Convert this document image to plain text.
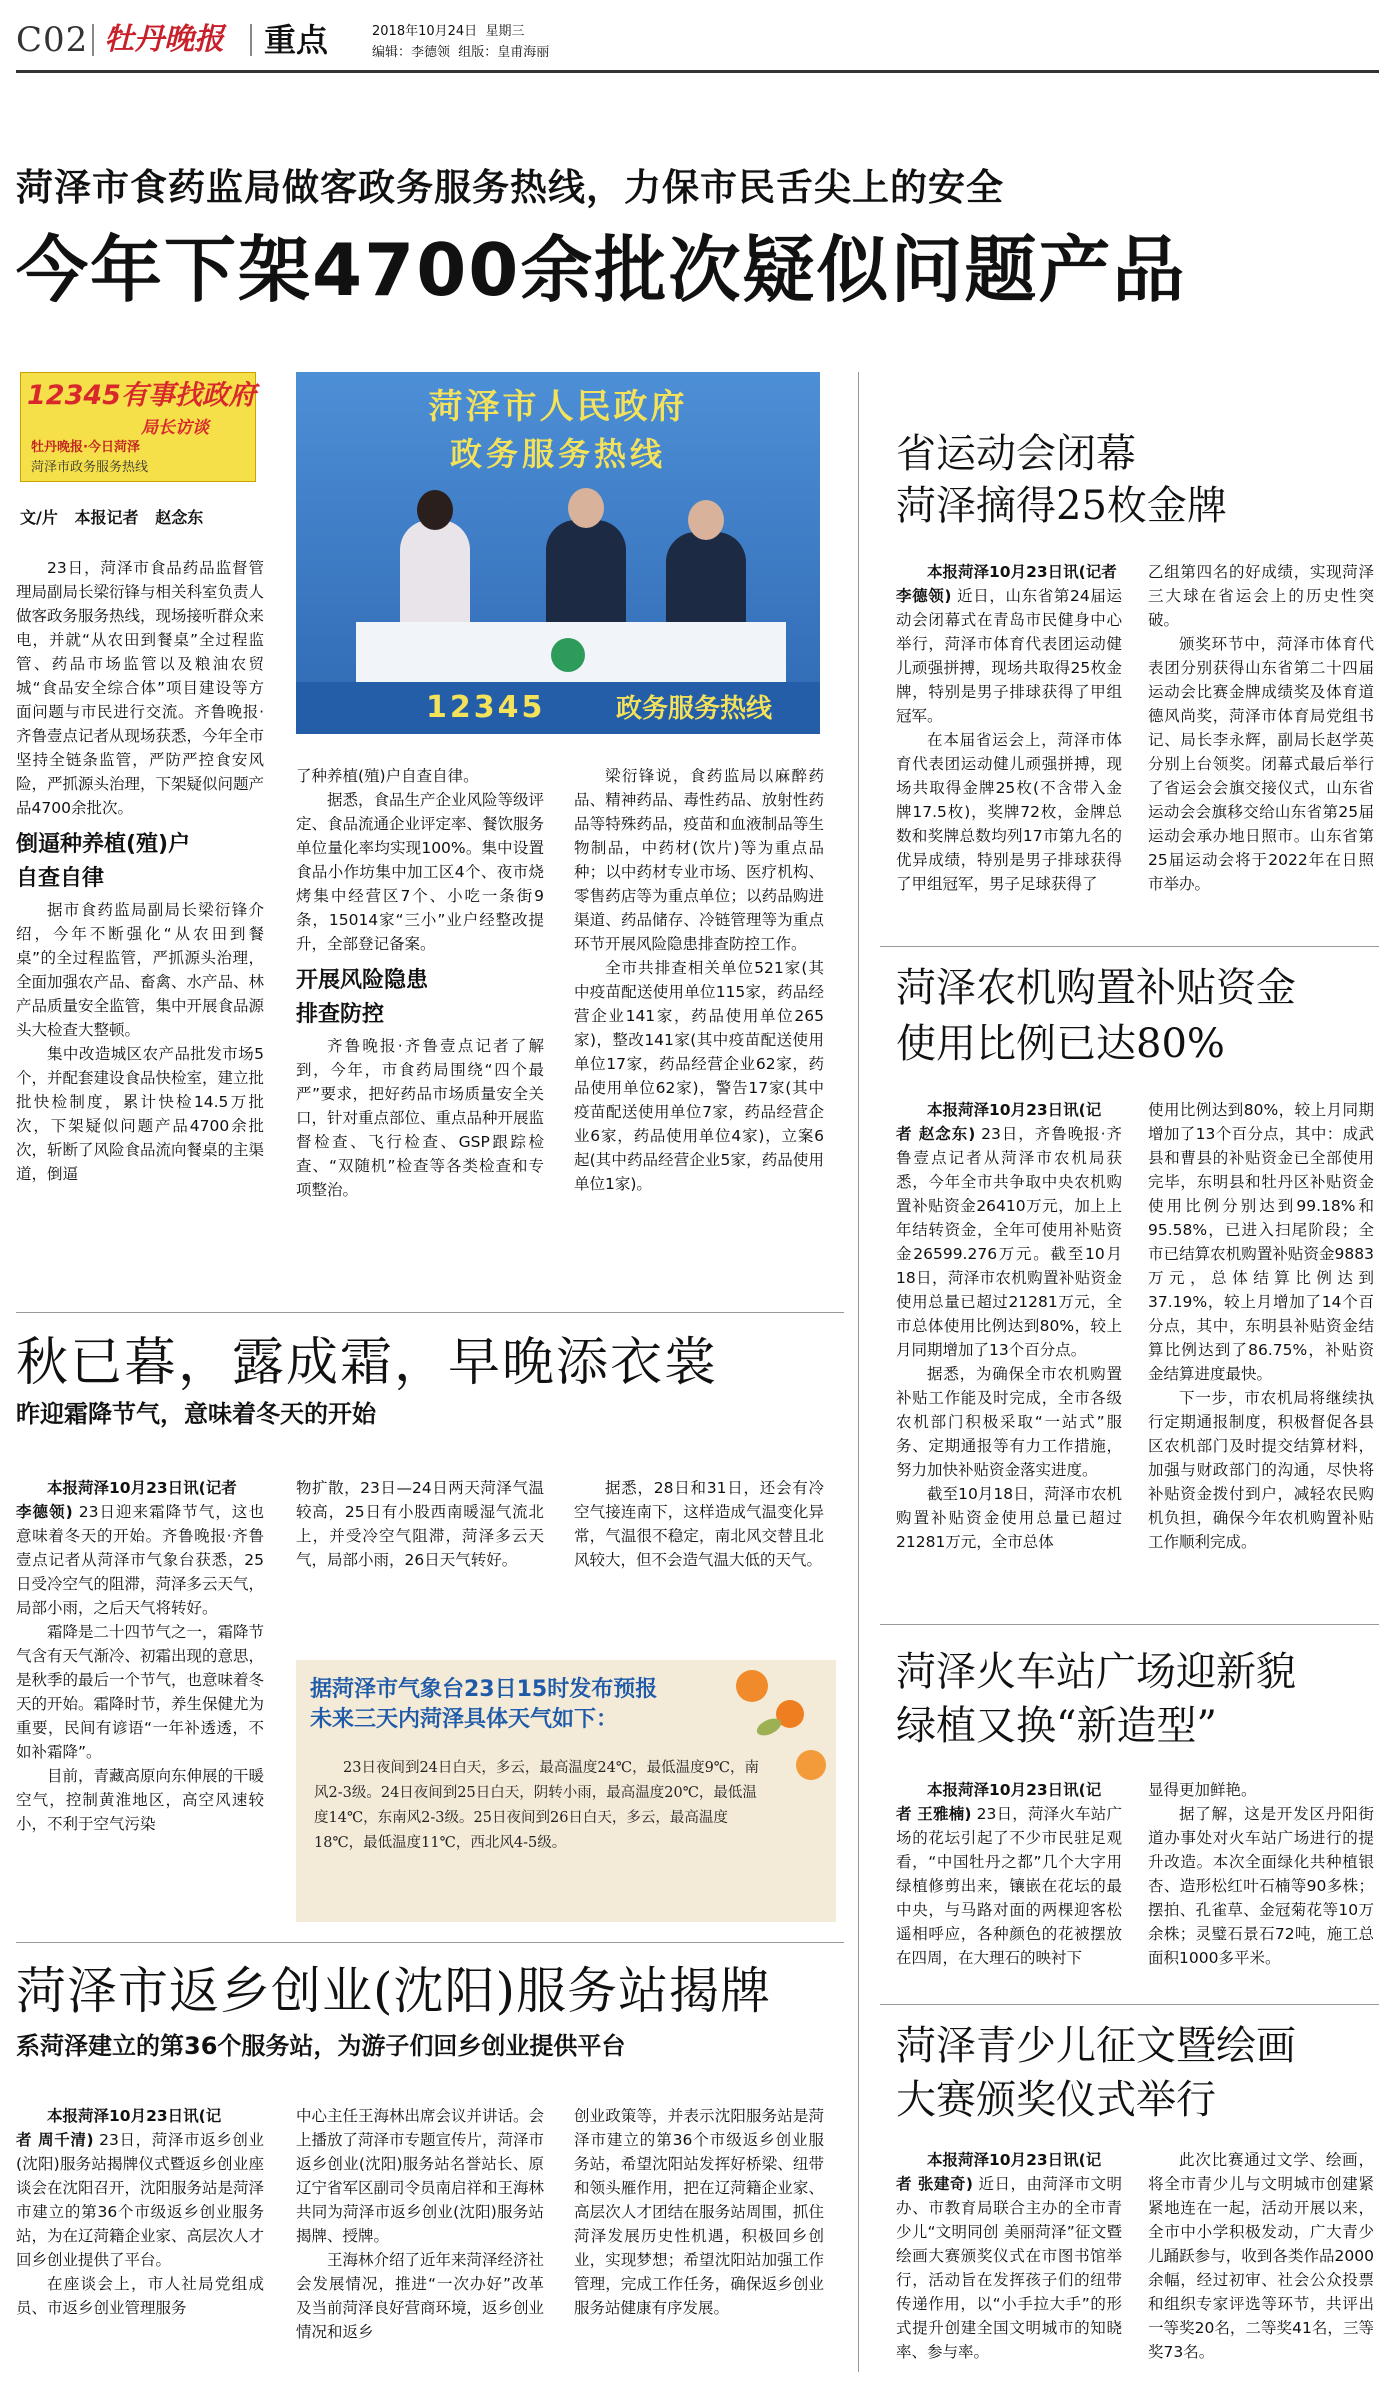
C02 牡丹晚报 重点	2018年10月24日 星期三
编辑：李德领 组版：皇甫海丽
菏泽市食药监局做客政务服务热线，力保市民舌尖上的安全
今年下架4700余批次疑似问题产品
12345有事找政府
局长访谈
牡丹晚报·今日菏泽
菏泽市政务服务热线
文/片   本报记者   赵念东
菏泽市人民政府
政务服务热线
12345	政务服务热线

23日，菏泽市食品药品监督管理局副局长梁衍锋与相关科室负责人做客政务服务热线，现场接听群众来电，并就“从农田到餐桌”全过程监管、药品市场监管以及粮油农贸城“食品安全综合体”项目建设等方面问题与市民进行交流。齐鲁晚报·齐鲁壹点记者从现场获悉，今年全市坚持全链条监管，严防严控食安风险，严抓源头治理，下架疑似问题产品4700余批次。

倒逼种养植(殖)户
自查自律

据市食药监局副局长梁衍锋介绍，今年不断强化“从农田到餐桌”的全过程监管，严抓源头治理，全面加强农产品、畜禽、水产品、林产品质量安全监管，集中开展食品源头大检查大整顿。

集中改造城区农产品批发市场5个，并配套建设食品快检室，建立批批快检制度，累计快检14.5万批次，下架疑似问题产品4700余批次，斩断了风险食品流向餐桌的主渠道，倒逼

了种养植(殖)户自查自律。

据悉，食品生产企业风险等级评定、食品流通企业评定率、餐饮服务单位量化率均实现100%。集中设置食品小作坊集中加工区4个、夜市烧烤集中经营区7个、小吃一条街9条，15014家“三小”业户经整改提升，全部登记备案。

开展风险隐患
排查防控

齐鲁晚报·齐鲁壹点记者了解到，今年，市食药局围绕“四个最严”要求，把好药品市场质量安全关口，针对重点部位、重点品种开展监督检查、飞行检查、GSP跟踪检查、“双随机”检查等各类检查和专项整治。

梁衍锋说，食药监局以麻醉药品、精神药品、毒性药品、放射性药品等特殊药品，疫苗和血液制品等生物制品，中药材(饮片)等为重点品种；以中药材专业市场、医疗机构、零售药店等为重点单位；以药品购进渠道、药品储存、冷链管理等为重点环节开展风险隐患排查防控工作。

全市共排查相关单位521家(其中疫苗配送使用单位115家，药品经营企业141家，药品使用单位265家)，整改141家(其中疫苗配送使用单位17家，药品经营企业62家，药品使用单位62家)，警告17家(其中疫苗配送使用单位7家，药品经营企业6家，药品使用单位4家)，立案6起(其中药品经营企业5家，药品使用单位1家)。

省运动会闭幕
菏泽摘得25枚金牌

本报菏泽10月23日讯(记者

李德领) 近日，山东省第24届运动会闭幕式在青岛市民健身中心举行，菏泽市体育代表团运动健儿顽强拼搏，现场共取得25枚金牌，特别是男子排球获得了甲组冠军。

在本届省运会上，菏泽市体育代表团运动健儿顽强拼搏，现场共取得金牌25枚(不含带入金牌17.5枚)，奖牌72枚，金牌总数和奖牌总数均列17市第九名的优异成绩，特别是男子排球获得了甲组冠军，男子足球获得了

乙组第四名的好成绩，实现菏泽三大球在省运会上的历史性突破。

颁奖环节中，菏泽市体育代表团分别获得山东省第二十四届运动会比赛金牌成绩奖及体育道德风尚奖，菏泽市体育局党组书记、局长李永辉，副局长赵学英分别上台领奖。闭幕式最后举行了省运会会旗交接仪式，山东省运动会会旗移交给山东省第25届运动会承办地日照市。山东省第25届运动会将于2022年在日照市举办。

菏泽农机购置补贴资金
使用比例已达80%

本报菏泽10月23日讯(记

者 赵念东) 23日，齐鲁晚报·齐鲁壹点记者从菏泽市农机局获悉，今年全市共争取中央农机购置补贴资金26410万元，加上上年结转资金，全年可使用补贴资金26599.276万元。截至10月18日，菏泽市农机购置补贴资金使用总量已超过21281万元，全市总体使用比例达到80%，较上月同期增加了13个百分点。

据悉，为确保全市农机购置补贴工作能及时完成，全市各级农机部门积极采取“一站式”服务、定期通报等有力工作措施，努力加快补贴资金落实进度。

截至10月18日，菏泽市农机购置补贴资金使用总量已超过21281万元，全市总体

使用比例达到80%，较上月同期增加了13个百分点，其中：成武县和曹县的补贴资金已全部使用完毕，东明县和牡丹区补贴资金使用比例分别达到99.18%和95.58%，已进入扫尾阶段；全市已结算农机购置补贴资金9883万元，总体结算比例达到37.19%，较上月增加了14个百分点，其中，东明县补贴资金结算比例达到了86.75%，补贴资金结算进度最快。

下一步，市农机局将继续执行定期通报制度，积极督促各县区农机部门及时提交结算材料，加强与财政部门的沟通，尽快将补贴资金拨付到户，减轻农民购机负担，确保今年农机购置补贴工作顺利完成。

秋已暮，露成霜，早晚添衣裳
昨迎霜降节气，意味着冬天的开始

本报菏泽10月23日讯(记者

李德领) 23日迎来霜降节气，这也意味着冬天的开始。齐鲁晚报·齐鲁壹点记者从菏泽市气象台获悉，25日受冷空气的阻滞，菏泽多云天气，局部小雨，之后天气将转好。

霜降是二十四节气之一，霜降节气含有天气渐冷、初霜出现的意思，是秋季的最后一个节气，也意味着冬天的开始。霜降时节，养生保健尤为重要，民间有谚语“一年补透透，不如补霜降”。

目前，青藏高原向东伸展的干暖空气，控制黄淮地区，高空风速较小，不利于空气污染

物扩散，23日—24日两天菏泽气温较高，25日有小股西南暖湿气流北上，并受冷空气阻滞，菏泽多云天气，局部小雨，26日天气转好。

据悉，28日和31日，还会有冷空气接连南下，这样造成气温变化异常，气温很不稳定，南北风交替且北风较大，但不会造气温大低的天气。

据菏泽市气象台23日15时发布预报
未来三天内菏泽具体天气如下：

23日夜间到24日白天，多云，最高温度24℃，最低温度9℃，南风2-3级。24日夜间到25日白天，阴转小雨，最高温度20℃，最低温度14℃，东南风2-3级。25日夜间到26日白天，多云，最高温度18℃，最低温度11℃，西北风4-5级。

菏泽火车站广场迎新貌
绿植又换“新造型”

本报菏泽10月23日讯(记

者 王雅楠) 23日，菏泽火车站广场的花坛引起了不少市民驻足观看，“中国牡丹之都”几个大字用绿植修剪出来，镶嵌在花坛的最中央，与马路对面的两棵迎客松遥相呼应，各种颜色的花被摆放在四周，在大理石的映衬下

显得更加鲜艳。

据了解，这是开发区丹阳街道办事处对火车站广场进行的提升改造。本次全面绿化共种植银杏、造形松红叶石楠等90多株；摆拍、孔雀草、金冠菊花等10万余株；灵璧石景石72吨，施工总面积1000多平米。

菏泽市返乡创业(沈阳)服务站揭牌
系菏泽建立的第36个服务站，为游子们回乡创业提供平台

本报菏泽10月23日讯(记

者 周千清) 23日，菏泽市返乡创业(沈阳)服务站揭牌仪式暨返乡创业座谈会在沈阳召开，沈阳服务站是菏泽市建立的第36个市级返乡创业服务站，为在辽菏籍企业家、高层次人才回乡创业提供了平台。

在座谈会上，市人社局党组成员、市返乡创业管理服务

中心主任王海林出席会议并讲话。会上播放了菏泽市专题宣传片，菏泽市返乡创业(沈阳)服务站名誉站长、原辽宁省军区副司令员南启祥和王海林共同为菏泽市返乡创业(沈阳)服务站揭牌、授牌。

王海林介绍了近年来菏泽经济社会发展情况，推进“一次办好”改革及当前菏泽良好营商环境，返乡创业情况和返乡

创业政策等，并表示沈阳服务站是菏泽市建立的第36个市级返乡创业服务站，希望沈阳站发挥好桥梁、纽带和领头雁作用，把在辽菏籍企业家、高层次人才团结在服务站周围，抓住菏泽发展历史性机遇，积极回乡创业，实现梦想；希望沈阳站加强工作管理，完成工作任务，确保返乡创业服务站健康有序发展。

菏泽青少儿征文暨绘画
大赛颁奖仪式举行

本报菏泽10月23日讯(记

者 张建奇) 近日，由菏泽市文明办、市教育局联合主办的全市青少儿“文明同创 美丽菏泽”征文暨绘画大赛颁奖仪式在市图书馆举行，活动旨在发挥孩子们的纽带传递作用，以“小手拉大手”的形式提升创建全国文明城市的知晓率、参与率。

此次比赛通过文学、绘画，将全市青少儿与文明城市创建紧紧地连在一起，活动开展以来，全市中小学积极发动，广大青少儿踊跃参与，收到各类作品2000余幅，经过初审、社会公众投票和组织专家评选等环节，共评出一等奖20名，二等奖41名，三等奖73名。
